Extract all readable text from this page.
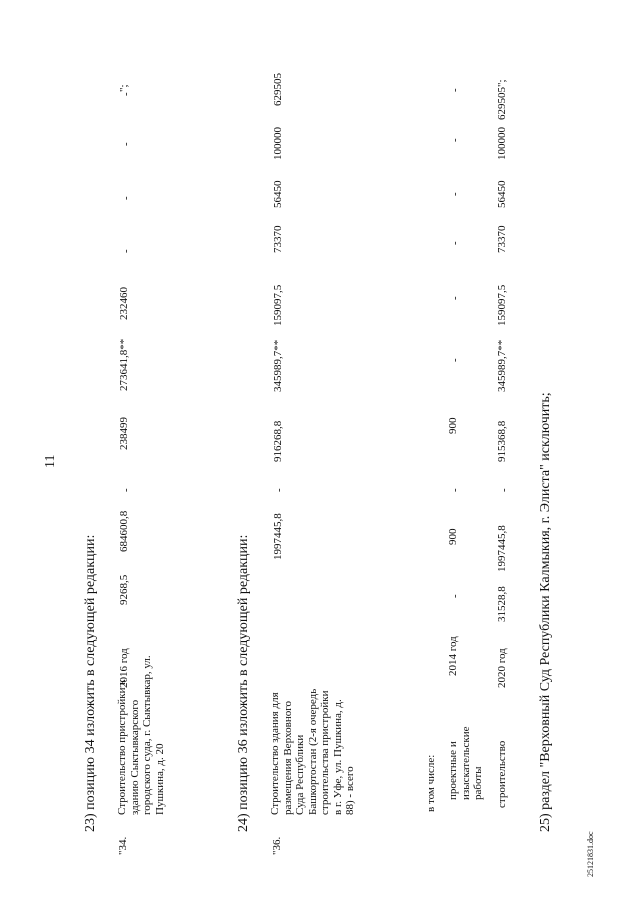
11
23) позицию 34 изложить в следующей редакции:
"34.
Строительство пристройки к зданию Сыктывкарского городского суда, г. Сыктывкар, ул. Пушкина, д. 20
2016 год
9268,5
684600,8
-
238499
273641,8**
232460
-
-
-
-
";
24) позицию 36 изложить в следующей редакции:
"36.
Строительство здания для размещения Верховного Суда Республики Башкортостан (2-я очередь строительства пристройки в г. Уфе, ул. Пушкина, д. 88) - всего
1997445,8
-
916268,8
345989,7**
159097,5
73370
56450
100000
629505
в том числе: проектные и изыскательские работы
2014 год
-
900
-
900
-
-
-
-
-
-
строительство
2020 год
31528,8
1997445,8
-
915368,8
345989,7**
159097,5
73370
56450
100000
629505";
25) раздел "Верховный Суд Республики Калмыкия, г. Элиста" исключить;
25121831.doc
